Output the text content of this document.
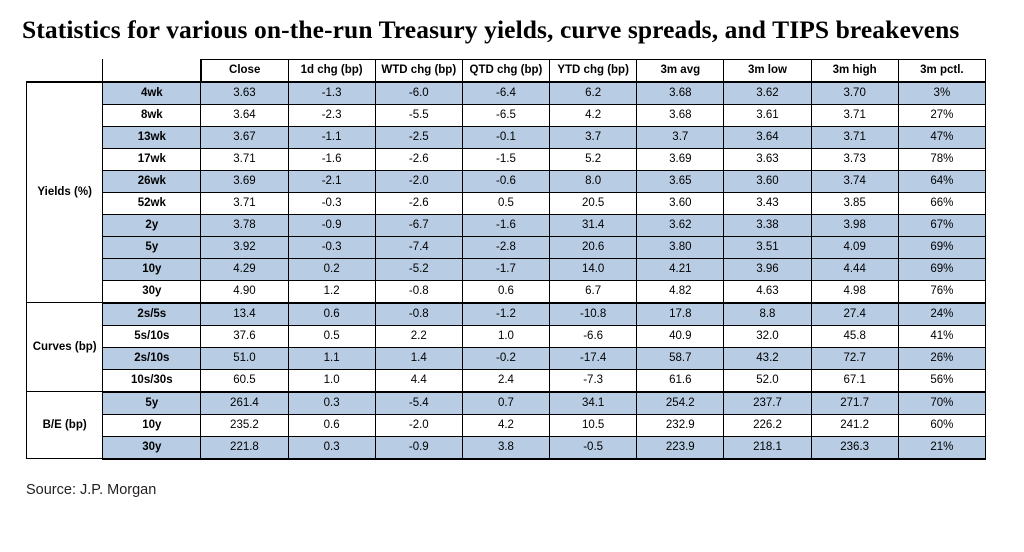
Statistics for various on-the-run Treasury yields, curve spreads, and TIPS breakevens
		Close	1d chg (bp)	WTD chg (bp)	QTD chg (bp)	YTD chg (bp)	3m avg	3m low	3m high	3m pctl.
Yields (%)	4wk	3.63	-1.3	-6.0	-6.4	6.2	3.68	3.62	3.70	3%
	8wk	3.64	-2.3	-5.5	-6.5	4.2	3.68	3.61	3.71	27%
	13wk	3.67	-1.1	-2.5	-0.1	3.7	3.7	3.64	3.71	47%
	17wk	3.71	-1.6	-2.6	-1.5	5.2	3.69	3.63	3.73	78%
	26wk	3.69	-2.1	-2.0	-0.6	8.0	3.65	3.60	3.74	64%
	52wk	3.71	-0.3	-2.6	0.5	20.5	3.60	3.43	3.85	66%
	2y	3.78	-0.9	-6.7	-1.6	31.4	3.62	3.38	3.98	67%
	5y	3.92	-0.3	-7.4	-2.8	20.6	3.80	3.51	4.09	69%
	10y	4.29	0.2	-5.2	-1.7	14.0	4.21	3.96	4.44	69%
	30y	4.90	1.2	-0.8	0.6	6.7	4.82	4.63	4.98	76%
Curves (bp)	2s/5s	13.4	0.6	-0.8	-1.2	-10.8	17.8	8.8	27.4	24%
	5s/10s	37.6	0.5	2.2	1.0	-6.6	40.9	32.0	45.8	41%
	2s/10s	51.0	1.1	1.4	-0.2	-17.4	58.7	43.2	72.7	26%
	10s/30s	60.5	1.0	4.4	2.4	-7.3	61.6	52.0	67.1	56%
B/E (bp)	5y	261.4	0.3	-5.4	0.7	34.1	254.2	237.7	271.7	70%
	10y	235.2	0.6	-2.0	4.2	10.5	232.9	226.2	241.2	60%
	30y	221.8	0.3	-0.9	3.8	-0.5	223.9	218.1	236.3	21%
Source: J.P. Morgan
